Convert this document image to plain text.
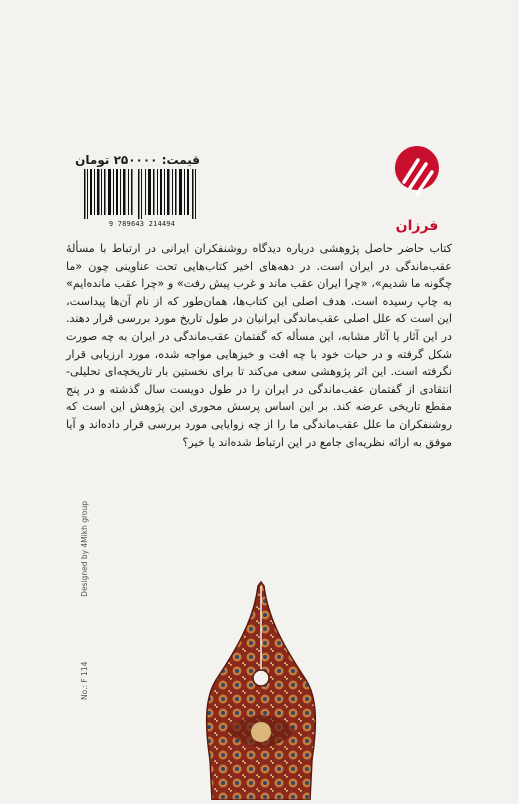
قیمت: ۲۵۰۰۰۰ تومان
9 789643 214494	فرزان

کتاب حاضر حاصل پژوهشی درباره دیدگاه روشنفکران ایرانی در ارتباط با مسألهٔ عقب‌ماندگی در ایران است. در دهه‌های اخیر کتاب‌هایی تحت عناوینی چون «ما چگونه ما شدیم»، «چرا ایران عقب ماند و غرب پیش رفت» و «چرا عقب مانده‌ایم» به چاپ رسیده است. هدف اصلی این کتاب‌ها، همان‌طور که از نام آن‌ها پیداست، این است که علل اصلی عقب‌ماندگی ایرانیان در طول تاریخ مورد بررسی قرار دهند. در این آثار یا آثار مشابه، این مسأله که گفتمان عقب‌ماندگی در ایران به چه صورت شکل گرفته و در حیات خود با چه افت و خیزهایی مواجه شده، مورد ارزیابی قرار نگرفته است. این اثر پژوهشی سعی می‌کند تا برای نخستین بار تاریخچه‌ای تحلیلی- انتقادی از گفتمان عقب‌ماندگی در ایران را در طول دویست سال گذشته و در پنج مقطع تاریخی عرضه کند. بر این اساس پرسش محوری این پژوهش این است که روشنفکران ما علل عقب‌ماندگی ما را از چه زوایایی مورد بررسی قرار داده‌اند و آیا موفق به ارائه نظریه‌ای جامع در این ارتباط شده‌اند یا خیر؟

No.: F 114  Designed by 4Mikh group
